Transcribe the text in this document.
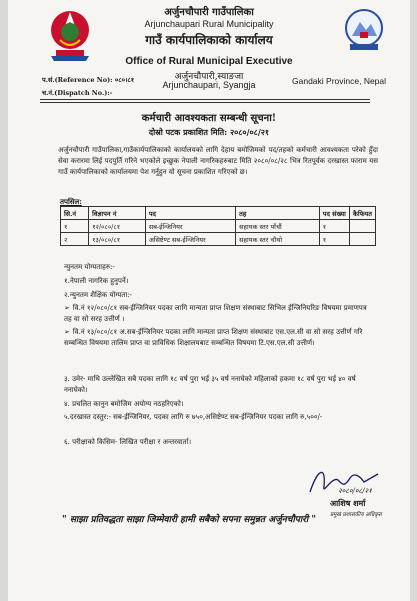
अर्जुनचौपारी गाउँपालिका
Arjunchaupari Rural Municipality
गाउँ कार्यपालिकाको कार्यालय
Office of Rural Municipal Executive
अर्जुनचौपारी,स्याङजा
Arjunchaupari, Syangja
प.सं.(Reference No): ०८०।८१
च.नं.(Dispatch No.):-
Gandaki Province, Nepal
कर्मचारी आवश्यकता सम्बन्धी सूचना!
दोस्रो पटक प्रकाशित मिति: २०८०/०८/२१
अर्जुनचौपारी गाउँपालिका,गाउँकार्यपालिकाको कार्यालयको लागि देहाय बमोजिमको पद/तहको कर्मचारी आवश्यकता परेको हुँदा सेवा करारमा लिई पदपुर्ति गरिने भएकोले इच्छुक नेपाली नागरिकहरुबाट मिति २०८०/०८/२८ भित्र रितपूर्वक दरखास्त फाराम यस गाउँ कार्यपालिकाको कार्यालयमा पेश गर्नुहुन यो सूचना प्रकाशित गरिएको छ।
तपसिल:
सि.नं	विज्ञापन नं	पद	तह	पद संख्या	कैफियत
१	१२/०८०/८१	सब-ईन्जिनियर	सहायक स्तर पाँचौं	१	
२	१३/०८०/८१	असिष्टेण्ट सब-ईन्जिनियर	सहायक स्तर चौथो	१	
न्युनतम योग्यताहरु:-
१.नेपाली नागरिक हुनुपर्ने।
२.न्युनतम शैक्षिक योग्यता:-
➢ वि.नं १२/०८०/८१ सब-ईन्जिनियर पदका लागि मान्यता प्राप्त शिक्षण संस्थाबाट सिभिल ईन्जिनियरिङ विषयमा प्रमाणपत्र तह वा सो सरह उत्तीर्ण ।
➢ वि.नं १३/०८०/८१ अ.सब-ईन्जिनियर पदका लागि मान्यता प्राप्त शिक्षण संस्थाबाट एस.एल.सी वा सो सरह उत्तीर्ण गरि सम्बन्धित विषयमा तालिम प्राप्त वा प्राविधिक शिक्षालयबाट सम्बन्धित विषयमा टि.एस.एल.सी उत्तीर्ण।
३. उमेर- माथि उल्लेखित सबै पदका लागि १८ वर्ष पुरा भई ३५ वर्ष ननाघेको महिलाको हकमा १८ वर्ष पुरा भई ४० वर्ष ननाघेको।
४. प्रचलित कानुन बमोजिम अयोग्य नठहरिएको।
५.दरखास्त दस्तुर:- सब-ईन्जिनियर, पदका लागि रु ७५०,असिष्टेण्ट सब-ईन्जिनियर पदका लागि रु,५००/-
६. परीक्षाको किसिम- लिखित परीक्षा र अन्तरवार्ता।
२०८०/०८/२१
आशिष शर्मा
प्रमुख प्रशासकीय अधिकृत
" साझा प्रतिवद्धता साझा जिम्मेवारी हामी सबैको सपना समुन्नत अर्जुनचौपारी "
